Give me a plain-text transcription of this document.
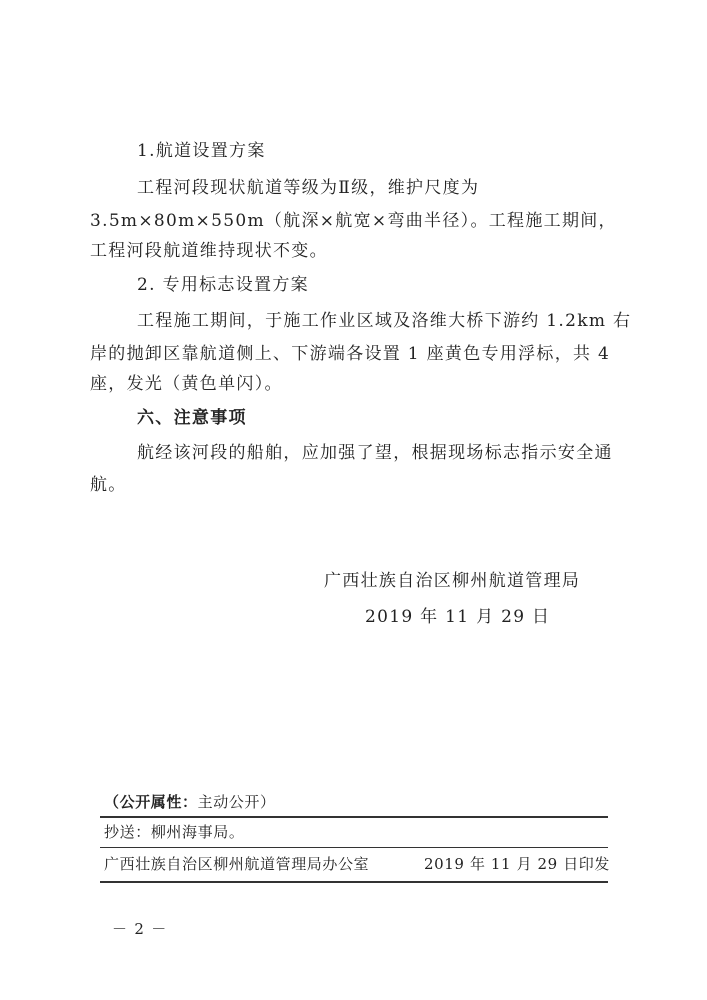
1.航道设置方案
工程河段现状航道等级为Ⅱ级，维护尺度为
3.5m×80m×550m（航深×航宽×弯曲半径）。工程施工期间，
工程河段航道维持现状不变。
2. 专用标志设置方案
工程施工期间，于施工作业区域及洛维大桥下游约 1.2km 右
岸的抛卸区靠航道侧上、下游端各设置 1 座黄色专用浮标，共 4
座，发光（黄色单闪）。
六、注意事项
航经该河段的船舶，应加强了望，根据现场标志指示安全通
航。
广西壮族自治区柳州航道管理局
2019 年 11 月 29 日
（公开属性：主动公开）
抄送：柳州海事局。
广西壮族自治区柳州航道管理局办公室	2019 年 11 月 29 日印发
－ 2 －
